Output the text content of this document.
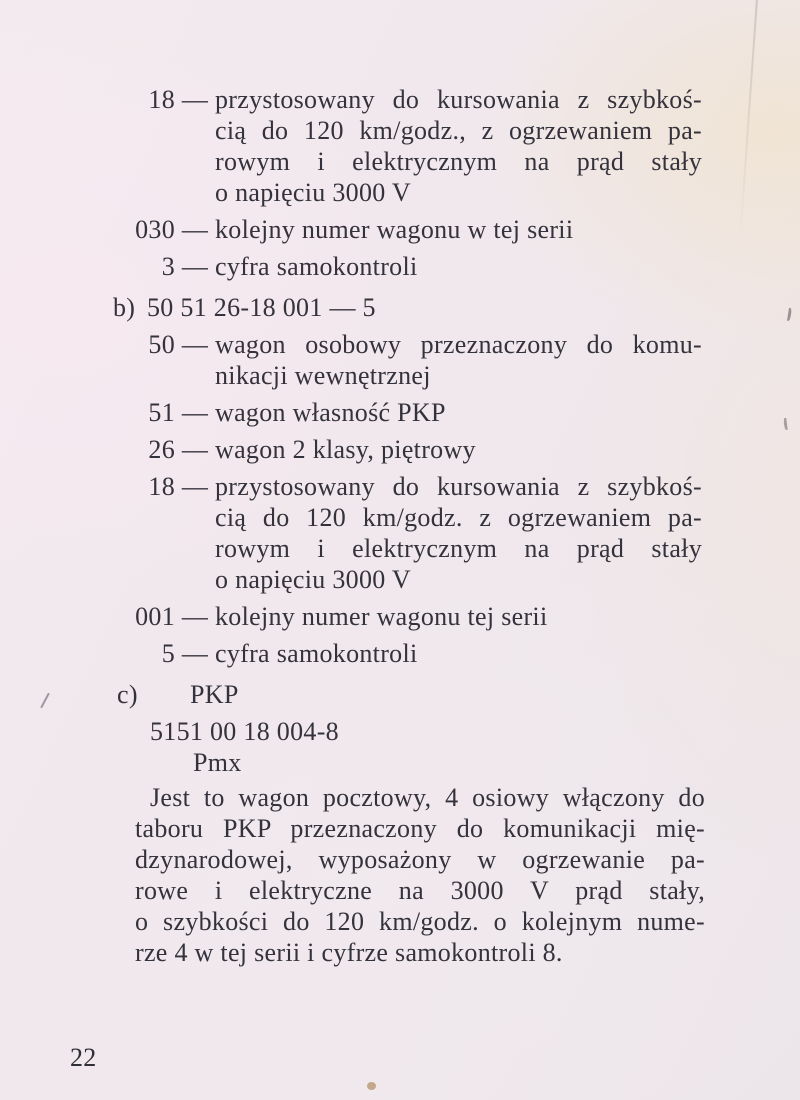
18 — przystosowany do kursowania z szybkoś-
cią do 120 km/godz., z ogrzewaniem pa-
rowym i elektrycznym na prąd stały
o napięciu 3000 V
030 — kolejny numer wagonu w tej serii
3 — cyfra samokontroli
b) 50 51 26-18 001 — 5
50 — wagon osobowy przeznaczony do komu-
nikacji wewnętrznej
51 — wagon własność PKP
26 — wagon 2 klasy, piętrowy
18 — przystosowany do kursowania z szybkoś-
cią do 120 km/godz. z ogrzewaniem pa-
rowym i elektrycznym na prąd stały
o napięciu 3000 V
001 — kolejny numer wagonu tej serii
5 — cyfra samokontroli
c)	PKP
5151 00 18 004-8
Pmx
Jest to wagon pocztowy, 4 osiowy włączony do
taboru PKP przeznaczony do komunikacji mię-
dzynarodowej, wyposażony w ogrzewanie pa-
rowe i elektryczne na 3000 V prąd stały,
o szybkości do 120 km/godz. o kolejnym nume-
rze 4 w tej serii i cyfrze samokontroli 8.
22
